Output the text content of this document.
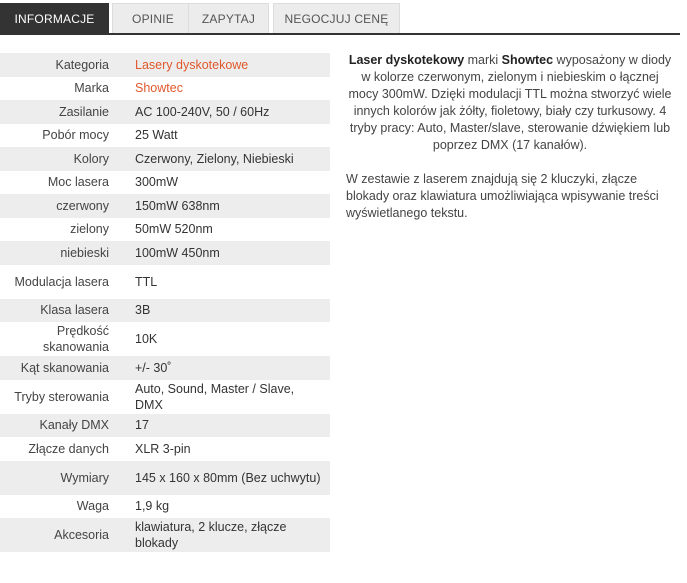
INFORMACJE	OPINIE	ZAPYTAJ	NEGOCJUJ CENĘ
Kategoria	Lasery dyskotekowe
Marka	Showtec
Zasilanie	AC 100-240V, 50 / 60Hz
Pobór mocy	25 Watt
Kolory	Czerwony, Zielony, Niebieski
Moc lasera	300mW
czerwony	150mW 638nm
zielony	50mW 520nm
niebieski	100mW 450nm
Modulacja lasera	TTL
Klasa lasera	3B
Prędkość skanowania	10K
Kąt skanowania	+/- 30˚
Tryby sterowania	Auto, Sound, Master / Slave, DMX
Kanały DMX	17
Złącze danych	XLR 3-pin
Wymiary	145 x 160 x 80mm (Bez uchwytu)
Waga	1,9 kg
Akcesoria	klawiatura, 2 klucze, złącze blokady

Laser dyskotekowy marki Showtec wyposażony w diody w kolorze czerwonym, zielonym i niebieskim o łącznej mocy 300mW. Dzięki modulacji TTL można stworzyć wiele innych kolorów jak żółty, fioletowy, biały czy turkusowy. 4 tryby pracy: Auto, Master/slave, sterowanie dźwiękiem lub poprzez DMX (17 kanałów).

W zestawie z laserem znajdują się 2 kluczyki, złącze blokady oraz klawiatura umożliwiająca wpisywanie treści wyświetlanego tekstu.
